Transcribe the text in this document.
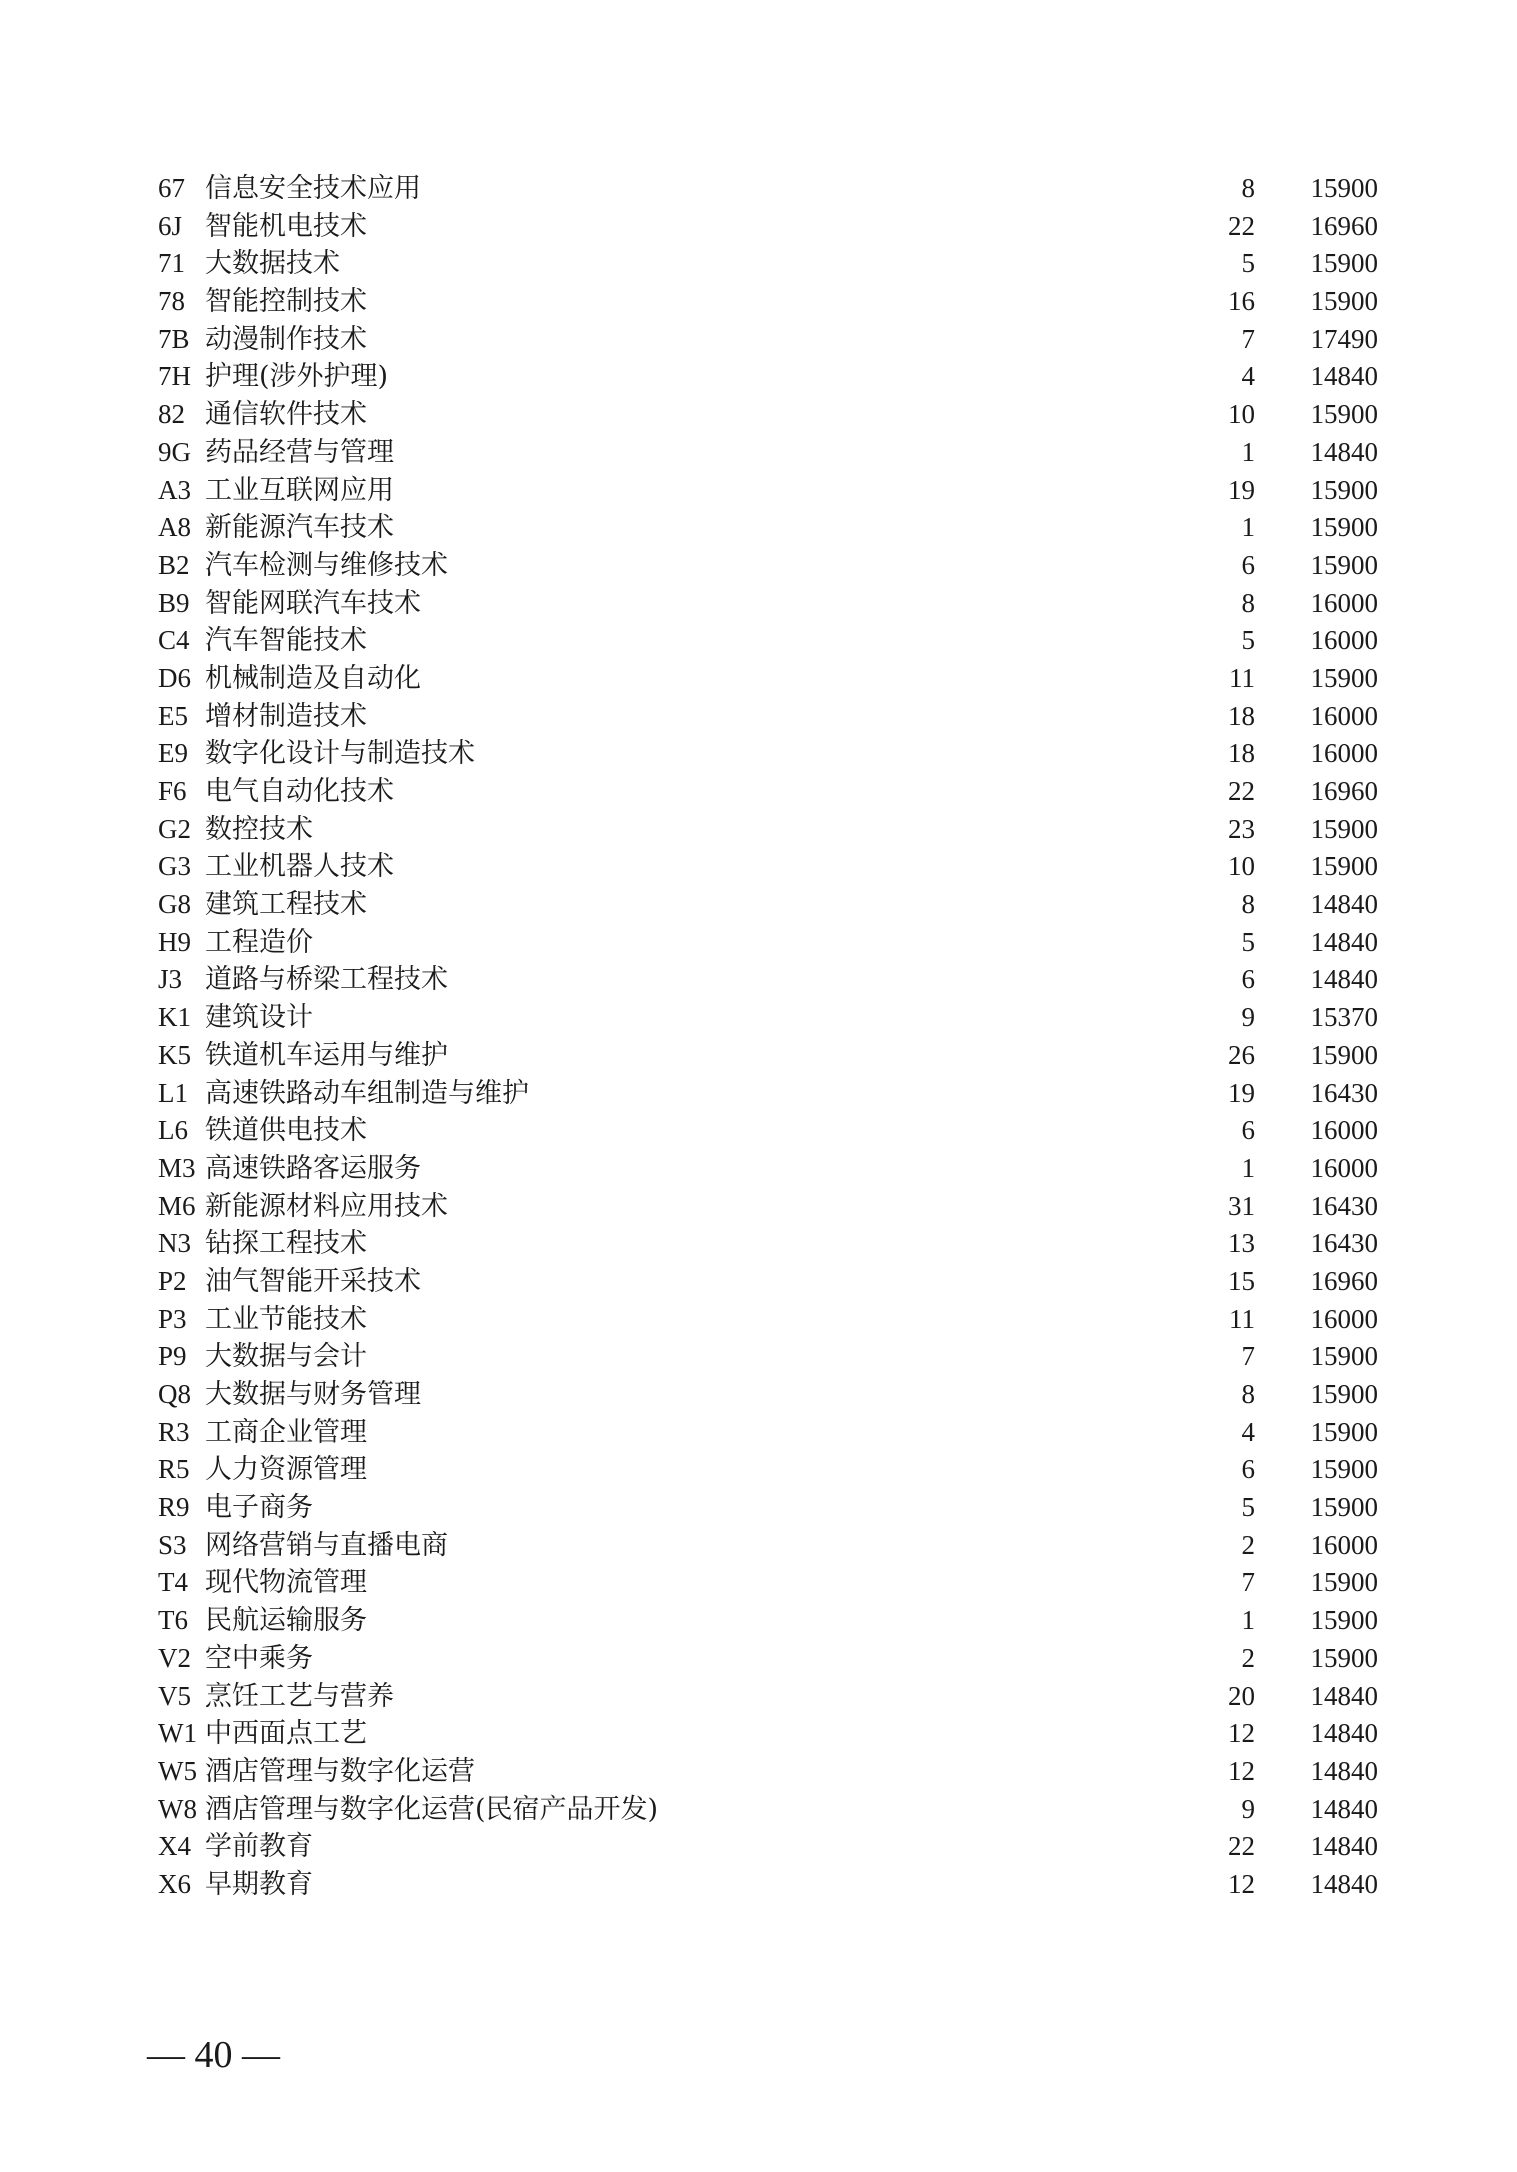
67 信息安全技术应用	8 15900
6J 智能机电技术	22 16960
71 大数据技术	5 15900
78 智能控制技术	16 15900
7B 动漫制作技术	7 17490
7H 护理(涉外护理)	4 14840
82 通信软件技术	10 15900
9G 药品经营与管理	1 14840
A3 工业互联网应用	19 15900
A8 新能源汽车技术	1 15900
B2 汽车检测与维修技术	6 15900
B9 智能网联汽车技术	8 16000
C4 汽车智能技术	5 16000
D6 机械制造及自动化	11 15900
E5 增材制造技术	18 16000
E9 数字化设计与制造技术	18 16000
F6 电气自动化技术	22 16960
G2 数控技术	23 15900
G3 工业机器人技术	10 15900
G8 建筑工程技术	8 14840
H9 工程造价	5 14840
J3 道路与桥梁工程技术	6 14840
K1 建筑设计	9 15370
K5 铁道机车运用与维护	26 15900
L1 高速铁路动车组制造与维护	19 16430
L6 铁道供电技术	6 16000
M3 高速铁路客运服务	1 16000
M6 新能源材料应用技术	31 16430
N3 钻探工程技术	13 16430
P2 油气智能开采技术	15 16960
P3 工业节能技术	11 16000
P9 大数据与会计	7 15900
Q8 大数据与财务管理	8 15900
R3 工商企业管理	4 15900
R5 人力资源管理	6 15900
R9 电子商务	5 15900
S3 网络营销与直播电商	2 16000
T4 现代物流管理	7 15900
T6 民航运输服务	1 15900
V2 空中乘务	2 15900
V5 烹饪工艺与营养	20 14840
W1 中西面点工艺	12 14840
W5 酒店管理与数字化运营	12 14840
W8 酒店管理与数字化运营(民宿产品开发)	9 14840
X4 学前教育	22 14840
X6 早期教育	12 14840
— 40 —
